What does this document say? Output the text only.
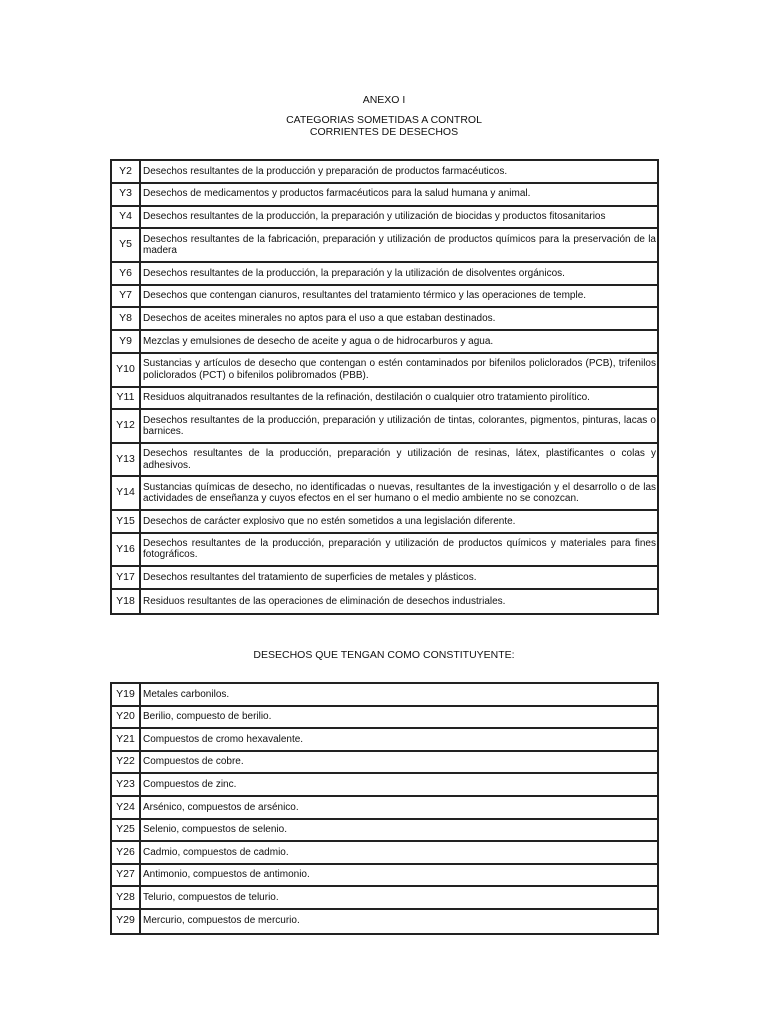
ANEXO I
CATEGORIAS SOMETIDAS A CONTROL
CORRIENTES DE DESECHOS
Y2	Desechos resultantes de la producción y preparación de productos farmacéuticos.
Y3	Desechos de medicamentos y productos farmacéuticos para la salud humana y animal.
Y4	Desechos resultantes de la producción, la preparación y utilización de biocidas y productos fitosanitarios
Y5	Desechos resultantes de la fabricación, preparación y utilización de productos químicos para la preservación de la madera
Y6	Desechos resultantes de la producción, la preparación y la utilización de disolventes orgánicos.
Y7	Desechos que contengan cianuros, resultantes del tratamiento térmico y las operaciones de temple.
Y8	Desechos de aceites minerales no aptos para el uso a que estaban destinados.
Y9	Mezclas y emulsiones de desecho de aceite y agua o de hidrocarburos y agua.
Y10	Sustancias y artículos de desecho que contengan o estén contaminados por bifenilos policlorados (PCB), trifenilos policlorados (PCT) o bifenilos polibromados (PBB).
Y11	Residuos alquitranados resultantes de la refinación, destilación o cualquier otro tratamiento pirolítico.
Y12	Desechos resultantes de la producción, preparación y utilización de tintas, colorantes, pigmentos, pinturas, lacas o barnices.
Y13	Desechos resultantes de la producción, preparación y utilización de resinas, látex, plastificantes o colas y adhesivos.
Y14	Sustancias químicas de desecho, no identificadas o nuevas, resultantes de la investigación y el desarrollo o de las actividades de enseñanza y cuyos efectos en el ser humano o el medio ambiente no se conozcan.
Y15	Desechos de carácter explosivo que no estén sometidos a una legislación diferente.
Y16	Desechos resultantes de la producción, preparación y utilización de productos químicos y materiales para fines fotográficos.
Y17	Desechos resultantes del tratamiento de superficies de metales y plásticos.
Y18	Residuos resultantes de las operaciones de eliminación de desechos industriales.
DESECHOS QUE TENGAN COMO CONSTITUYENTE:
Y19	Metales carbonilos.
Y20	Berilio, compuesto de berilio.
Y21	Compuestos de cromo hexavalente.
Y22	Compuestos de cobre.
Y23	Compuestos de zinc.
Y24	Arsénico, compuestos de arsénico.
Y25	Selenio, compuestos de selenio.
Y26	Cadmio, compuestos de cadmio.
Y27	Antimonio, compuestos de antimonio.
Y28	Telurio, compuestos de telurio.
Y29	Mercurio, compuestos de mercurio.
